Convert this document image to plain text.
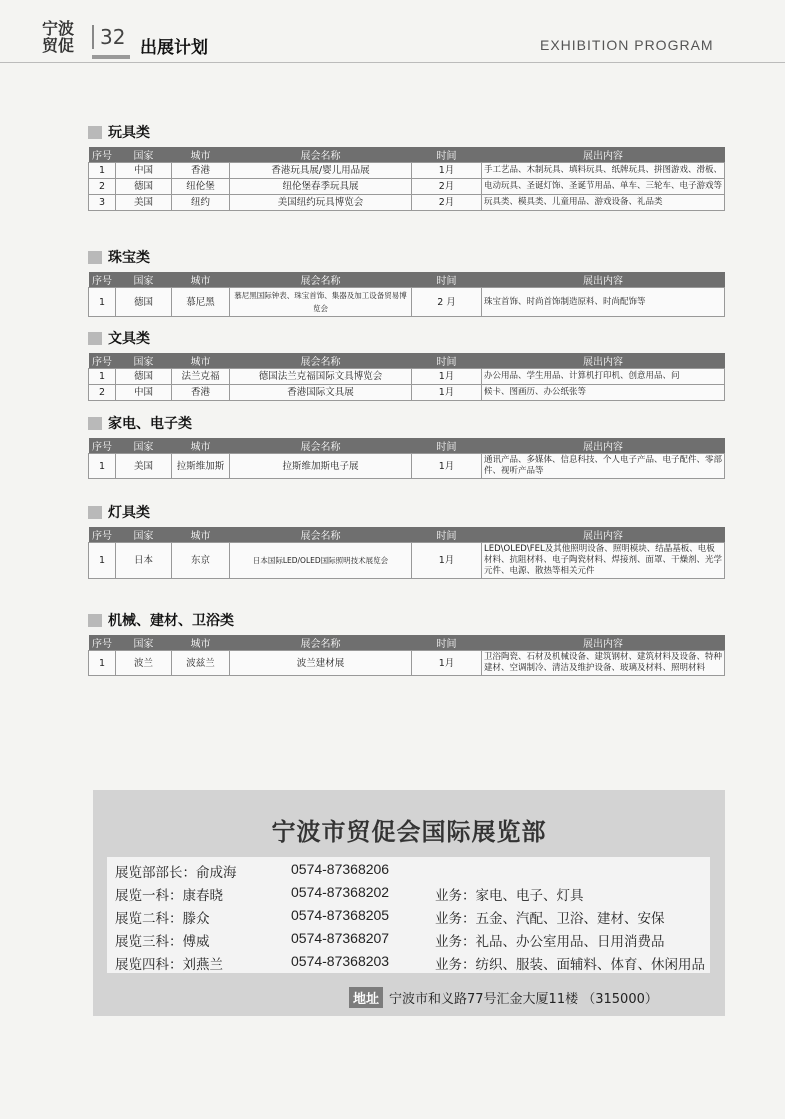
宁波
贸促	32 出展计划	EXHIBITION PROGRAM
玩具类
序号	国家	城市	展会名称	时间	展出内容
1	中国	香港	香港玩具展/婴儿用品展	1月	手工艺品、木制玩具、填料玩具、纸牌玩具、拼图游戏、滑板、
2	德国	纽伦堡	纽伦堡春季玩具展	2月	电动玩具、圣诞灯饰、圣诞节用品、单车、三轮车、电子游戏等
3	美国	纽约	美国纽约玩具博览会	2月	玩具类、模具类、儿童用品、游戏设备、礼品类
珠宝类
序号	国家	城市	展会名称	时间	展出内容
1	德国	慕尼黑	慕尼黑国际钟表、珠宝首饰、集器及加工设备贸易博览会	2 月	珠宝首饰、时尚首饰制造原料、时尚配饰等
文具类
序号	国家	城市	展会名称	时间	展出内容
1	德国	法兰克福	德国法兰克福国际文具博览会	1月	办公用品、学生用品、计算机打印机、创意用品、问
2	中国	香港	香港国际文具展	1月	候卡、图画历、办公纸张等
家电、电子类
序号	国家	城市	展会名称	时间	展出内容
1	美国	拉斯维加斯	拉斯维加斯电子展	1月	通讯产品、多媒体、信息科技、个人电子产品、电子配件、零部件、视听产品等
灯具类
序号	国家	城市	展会名称	时间	展出内容
1	日本	东京	日本国际LED/OLED国际照明技术展览会	1月	LED\OLED\FEL及其他照明设备、照明模块、结晶基板、电板材料、抗阻材料、电子陶瓷材料、焊接剂、面罩、干燥剂、光学元件、电源、散热等相关元件
机械、建材、卫浴类
序号	国家	城市	展会名称	时间	展出内容
1	波兰	波兹兰	波兰建材展	1月	卫浴陶瓷、石材及机械设备、建筑钢材、建筑材料及设备、特种建材、空调制冷、清洁及维护设备、玻璃及材料、照明材料
宁波市贸促会国际展览部
展览部部长：俞成海	0574-87368206
展览一科：康春晓	0574-87368202	业务：家电、电子、灯具
展览二科：滕众	0574-87368205	业务：五金、汽配、卫浴、建材、安保
展览三科：傅威	0574-87368207	业务：礼品、办公室用品、日用消费品
展览四科：刘燕兰	0574-87368203	业务：纺织、服装、面辅料、体育、休闲用品
地址 宁波市和义路77号汇金大厦11楼 （315000）
